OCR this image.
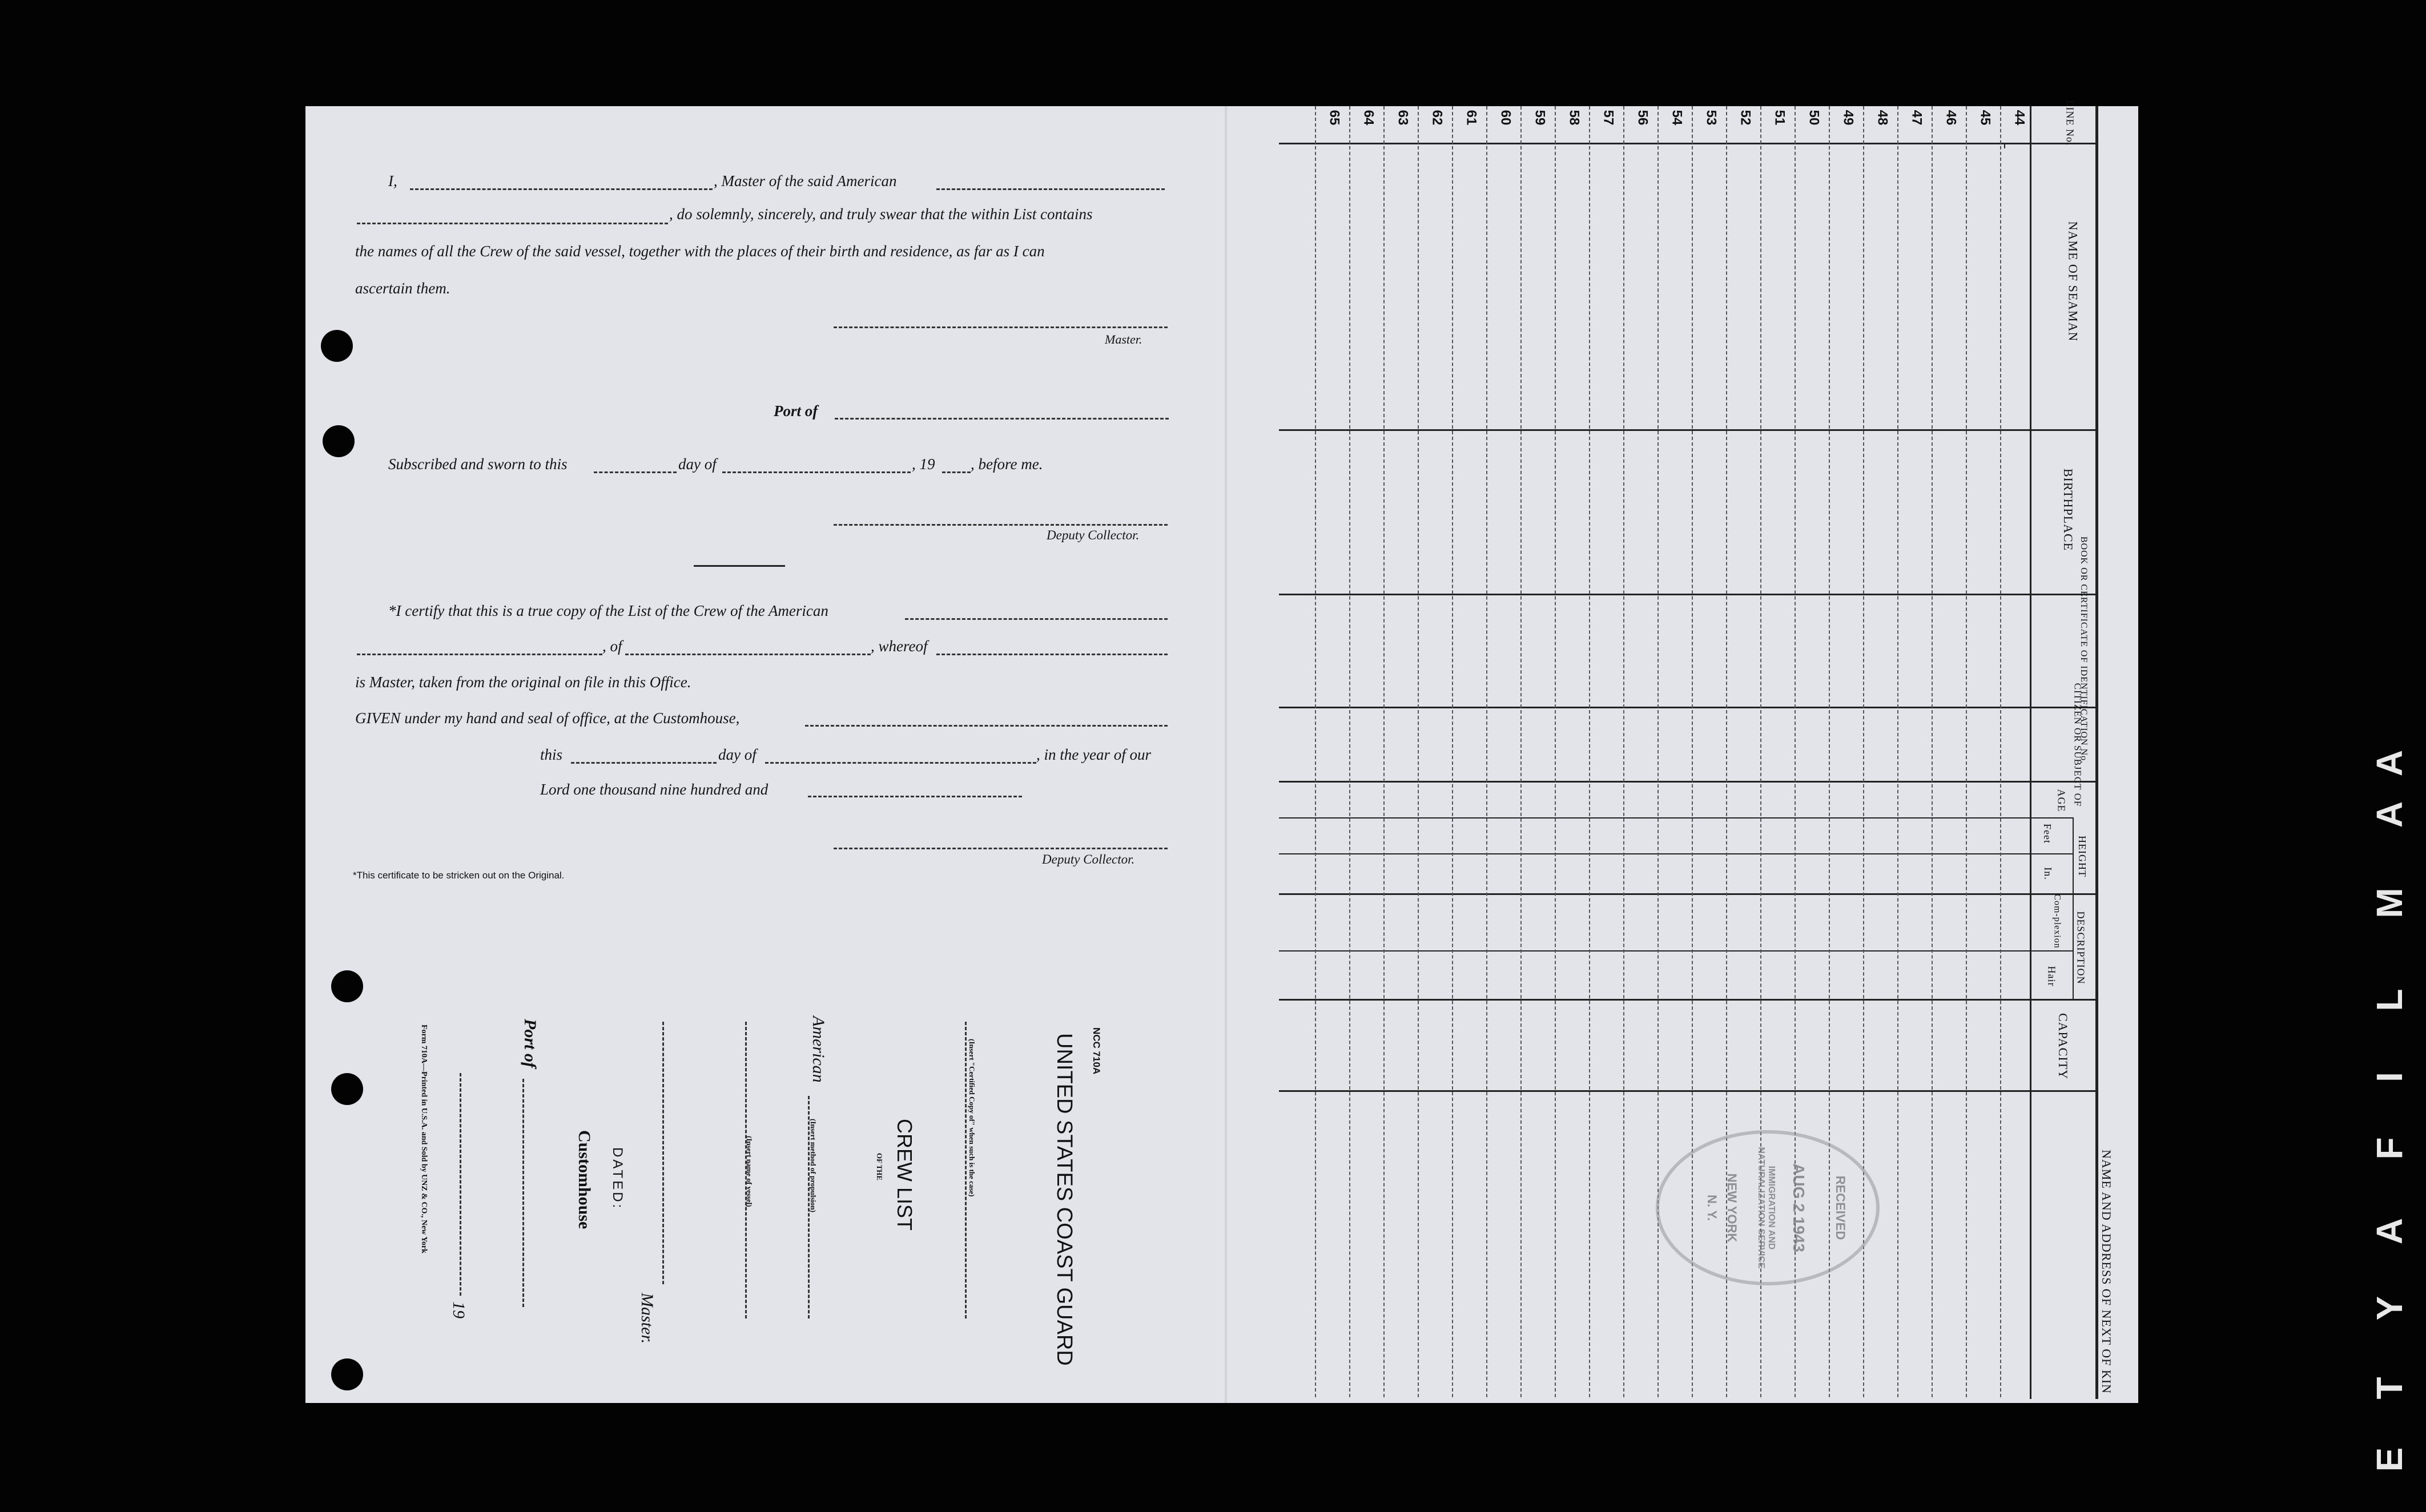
I,	, Master of the said American
, do solemnly, sincerely, and truly swear that the within List contains
the names of all the Crew of the said vessel, together with the places of their birth and residence, as far as I can
ascertain them.
Master.
Port of
Subscribed and sworn to this	day of	, 19 , before me.
Deputy Collector.
*I certify that this is a true copy of the List of the Crew of the American
, of	, whereof
is Master, taken from the original on file in this Office.
GIVEN under my hand and seal of office, at the Customhouse,
this	day of	, in the year of our
Lord one thousand nine hundred and
Deputy Collector.
*This certificate to be stricken out on the Original.
NCC 710A
UNITED STATES COAST GUARD
(Insert "Certified Copy of" when such is the case)
CREW LIST
OF THE
American
(Insert method of propulsion)
(Insert name of vessel)
Master.
DATED:
Customhouse
Port of
19
Form 710A—Printed in U.S.A. and Sold by UNZ & CO., New York
LINE No.
NAME OF SEAMAN
BIRTHPLACE
BOOK OR CERTIFICATE OF IDENTIFICATION No.
CITIZEN OR SUBJECT OF
AGE
HEIGHT
Feet
In.
DESCRIPTION
Com-plexion
Hair
CAPACITY
NAME AND ADDRESS OF NEXT OF KIN
44
45
46
47
48
49
50
51
52
53
54
56
57
58
59
60
61
62
63
64
65
RECEIVED
AUG 2 1943
IMMIGRATION AND NATURALIZATION SERVICE
NEW YORK
N. Y.
E
T
Y
A
F
I
L
M
A
A
